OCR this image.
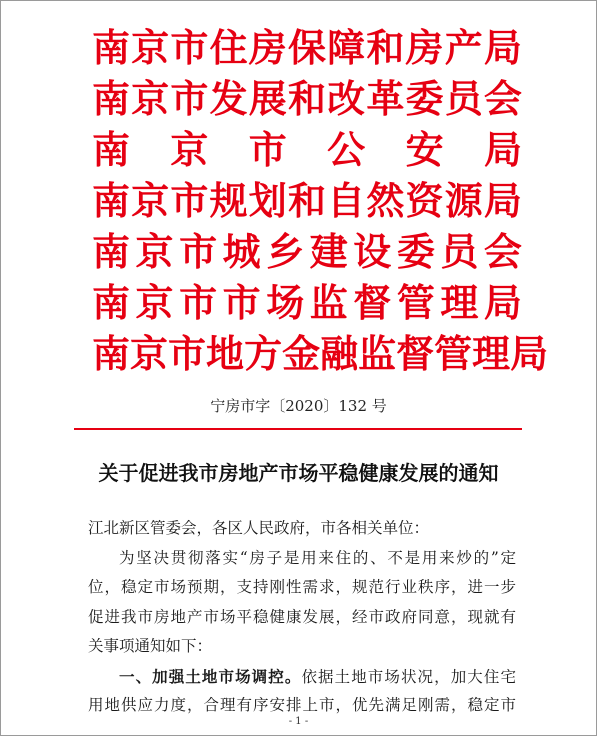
南 京 市 住 房 保 障 和 房 产 局
南 京 市 发 展 和 改 革 委 员 会
南 京 市 公 安 局
南 京 市 规 划 和 自 然 资 源 局
南 京 市 城 乡 建 设 委 员 会
南 京 市 市 场 监 督 管 理 局
南 京 市 地 方 金 融 监 督 管 理 局
宁房市字〔2020〕132 号
关于促进我市房地产市场平稳健康发展的通知
江北新区管委会，各区人民政府，市各相关单位：
为坚决贯彻落实“房子是用来住的、不是用来炒的”定
位，稳定市场预期，支持刚性需求，规范行业秩序，进一步
促进我市房地产市场平稳健康发展，经市政府同意，现就有
关事项通知如下：
一、加强土地市场调控。依据土地市场状况，加大住宅
用地供应力度，合理有序安排上市，优先满足刚需，稳定市
- 1 -
